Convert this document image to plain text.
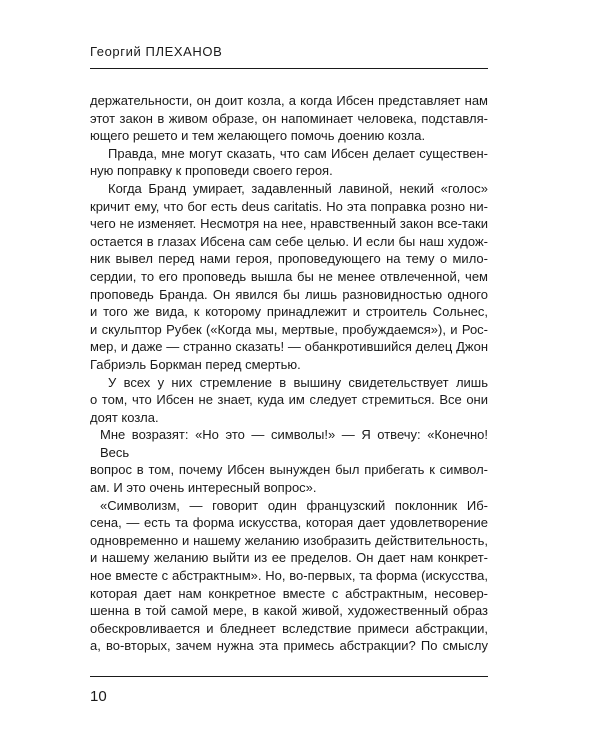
Георгий ПЛЕХАНОВ

держательности, он доит козла, а когда Ибсен представляет нам
этот закон в живом образе, он напоминает человека, подставля-
ющего решето и тем желающего помочь доению козла.

Правда, мне могут сказать, что сам Ибсен делает существен-
ную поправку к проповеди своего героя.

Когда Бранд умирает, задавленный лавиной, некий «голос»
кричит ему, что бог есть deus caritatis. Но эта поправка розно ни-
чего не изменяет. Несмотря на нее, нравственный закон все-таки
остается в глазах Ибсена сам себе целью. И если бы наш худож-
ник вывел перед нами героя, проповедующего на тему о мило-
сердии, то его проповедь вышла бы не менее отвлеченной, чем
проповедь Бранда. Он явился бы лишь разновидностью одного
и того же вида, к которому принадлежит и строитель Сольнес,
и скульптор Рубек («Когда мы, мертвые, пробуждаемся»), и Рос-
мер, и даже — странно сказать! — обанкротившийся делец Джон
Габриэль Боркман перед смертью.

У всех у них стремление в вышину свидетельствует лишь
о том, что Ибсен не знает, куда им следует стремиться. Все они
доят козла.

Мне возразят: «Но это — символы!» — Я отвечу: «Конечно! Весь
вопрос в том, почему Ибсен вынужден был прибегать к символ-
ам. И это очень интересный вопрос».

«Символизм, — говорит один французский поклонник Иб-
сена, — есть та форма искусства, которая дает удовлетворение
одновременно и нашему желанию изобразить действительность,
и нашему желанию выйти из ее пределов. Он дает нам конкрет-
ное вместе с абстрактным». Но, во-первых, та форма (искусства,
которая дает нам конкретное вместе с абстрактным, несовер-
шенна в той самой мере, в какой живой, художественный образ
обескровливается и бледнеет вследствие примеси абстракции,
а, во-вторых, зачем нужна эта примесь абстракции? По смыслу

10
